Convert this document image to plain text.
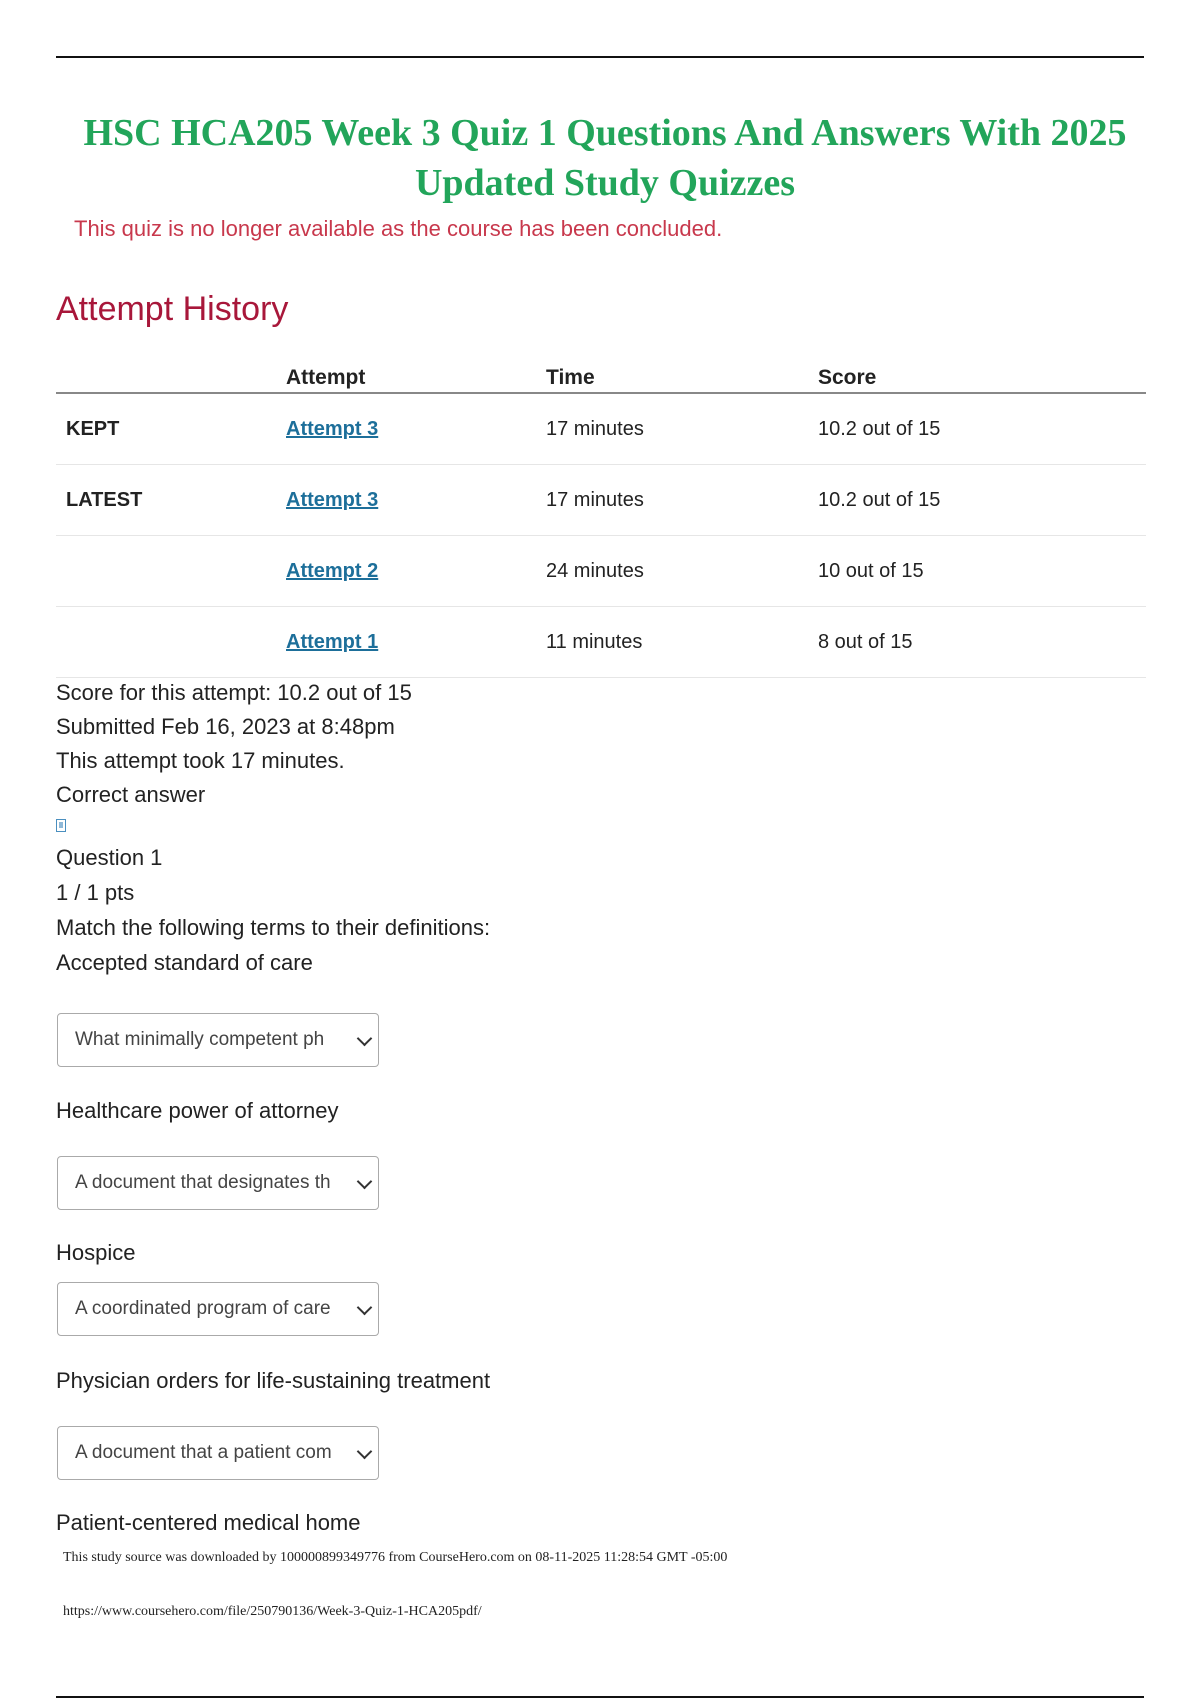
HSC HCA205 Week 3 Quiz 1 Questions And Answers With 2025 Updated Study Quizzes

This quiz is no longer available as the course has been concluded.

Attempt History
	Attempt	Time	Score
KEPT	Attempt 3	17 minutes	10.2 out of 15
LATEST	Attempt 3	17 minutes	10.2 out of 15
	Attempt 2	24 minutes	10 out of 15
	Attempt 1	11 minutes	8 out of 15
Score for this attempt: 10.2 out of 15
Submitted Feb 16, 2023 at 8:48pm
This attempt took 17 minutes.
Correct answer
Question 1
1 / 1 pts
Match the following terms to their definitions:
Accepted standard of care
What minimally competent ph
Healthcare power of attorney
A document that designates th
Hospice
A coordinated program of care
Physician orders for life-sustaining treatment
A document that a patient com
Patient-centered medical home
This study source was downloaded by 100000899349776 from CourseHero.com on 08-11-2025 11:28:54 GMT -05:00
https://www.coursehero.com/file/250790136/Week-3-Quiz-1-HCA205pdf/
